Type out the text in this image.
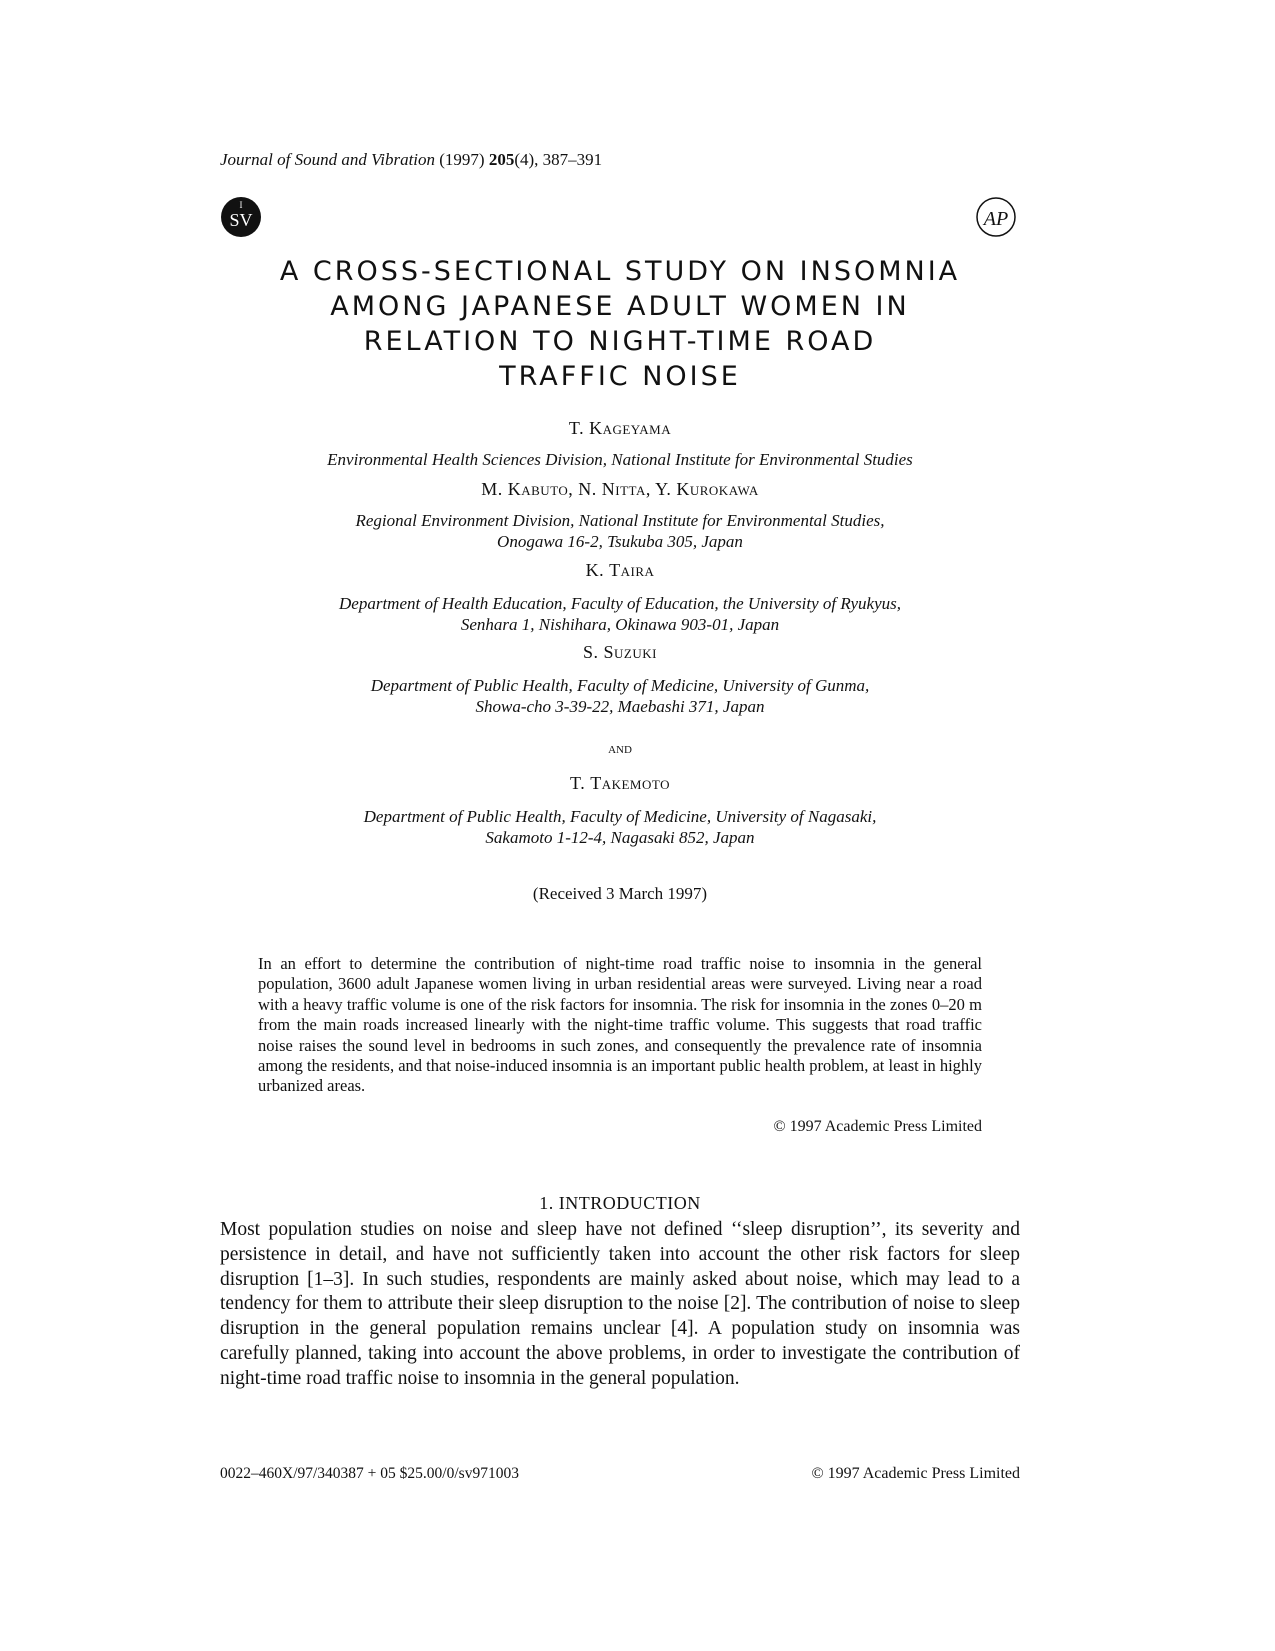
Journal of Sound and Vibration (1997) 205(4), 387–391
I
SV	AP
A CROSS-SECTIONAL STUDY ON INSOMNIA
AMONG JAPANESE ADULT WOMEN IN
RELATION TO NIGHT-TIME ROAD
TRAFFIC NOISE
T. Kageyama
Environmental Health Sciences Division, National Institute for Environmental Studies
M. Kabuto, N. Nitta, Y. Kurokawa
Regional Environment Division, National Institute for Environmental Studies,
Onogawa 16-2, Tsukuba 305, Japan
K. Taira
Department of Health Education, Faculty of Education, the University of Ryukyus,
Senhara 1, Nishihara, Okinawa 903-01, Japan
S. Suzuki
Department of Public Health, Faculty of Medicine, University of Gunma,
Showa-cho 3-39-22, Maebashi 371, Japan
and
T. Takemoto
Department of Public Health, Faculty of Medicine, University of Nagasaki,
Sakamoto 1-12-4, Nagasaki 852, Japan
(Received 3 March 1997)

In an effort to determine the contribution of night-time road traffic noise to insomnia in the general population, 3600 adult Japanese women living in urban residential areas were surveyed. Living near a road with a heavy traffic volume is one of the risk factors for insomnia. The risk for insomnia in the zones 0–20 m from the main roads increased linearly with the night-time traffic volume. This suggests that road traffic noise raises the sound level in bedrooms in such zones, and consequently the prevalence rate of insomnia among the residents, and that noise-induced insomnia is an important public health problem, at least in highly urbanized areas.

© 1997 Academic Press Limited
1. INTRODUCTION

Most population studies on noise and sleep have not defined ‘‘sleep disruption’’, its severity and persistence in detail, and have not sufficiently taken into account the other risk factors for sleep disruption [1–3]. In such studies, respondents are mainly asked about noise, which may lead to a tendency for them to attribute their sleep disruption to the noise [2]. The contribution of noise to sleep disruption in the general population remains unclear [4]. A population study on insomnia was carefully planned, taking into account the above problems, in order to investigate the contribution of night-time road traffic noise to insomnia in the general population.

0022–460X/97/340387 + 05 $25.00/0/sv971003	© 1997 Academic Press Limited
